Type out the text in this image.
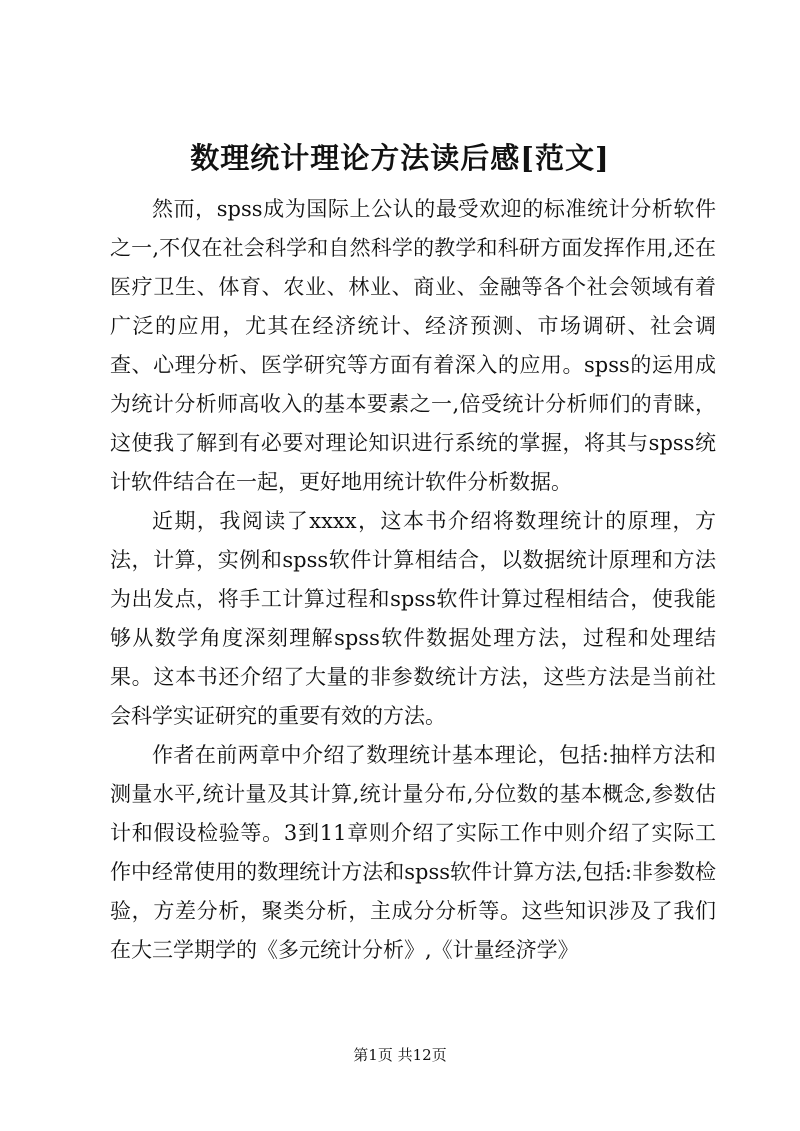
数理统计理论方法读后感[范文]

然而，spss成为国际上公认的最受欢迎的标准统计分析软件之一,不仅在社会科学和自然科学的教学和科研方面发挥作用,还在医疗卫生、体育、农业、林业、商业、金融等各个社会领域有着广泛的应用，尤其在经济统计、经济预测、市场调研、社会调查、心理分析、医学研究等方面有着深入的应用。spss的运用成为统计分析师高收入的基本要素之一,倍受统计分析师们的青睐，这使我了解到有必要对理论知识进行系统的掌握，将其与spss统计软件结合在一起，更好地用统计软件分析数据。

近期，我阅读了xxxx，这本书介绍将数理统计的原理，方法，计算，实例和spss软件计算相结合，以数据统计原理和方法为出发点，将手工计算过程和spss软件计算过程相结合，使我能够从数学角度深刻理解spss软件数据处理方法，过程和处理结果。这本书还介绍了大量的非参数统计方法，这些方法是当前社会科学实证研究的重要有效的方法。

作者在前两章中介绍了数理统计基本理论，包括:抽样方法和测量水平,统计量及其计算,统计量分布,分位数的基本概念,参数估计和假设检验等。3到11章则介绍了实际工作中则介绍了实际工作中经常使用的数理统计方法和spss软件计算方法,包括:非参数检验，方差分析，聚类分析，主成分分析等。这些知识涉及了我们在大三学期学的《多元统计分析》,《计量经济学》

第1页 共12页
